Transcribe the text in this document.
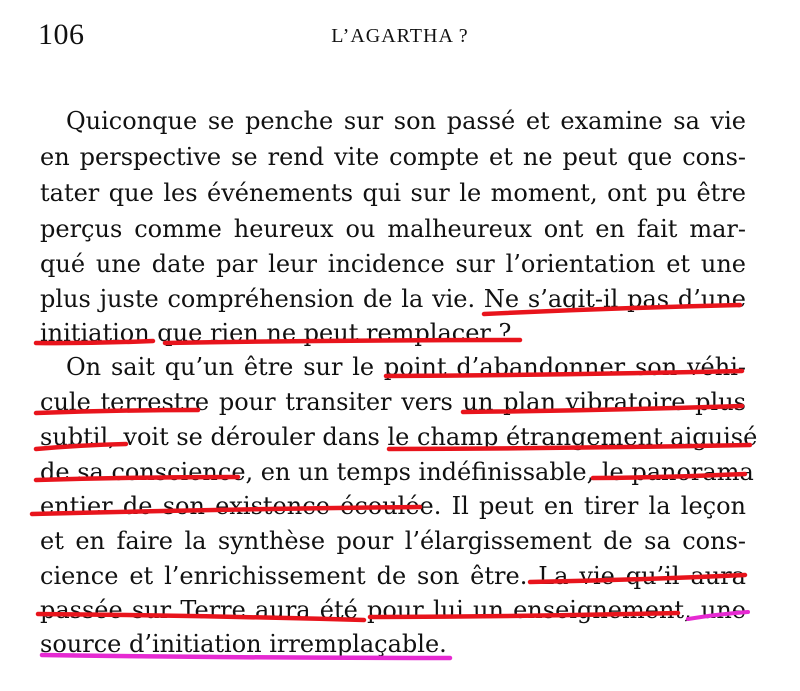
106	L’AGARTHA ?
Quiconque se penche sur son passé et examine sa vie
en perspective se rend vite compte et ne peut que cons-
tater que les événements qui sur le moment, ont pu être
perçus comme heureux ou malheureux ont en fait mar-
qué une date par leur incidence sur l’orientation et une
plus juste compréhension de la vie. Ne s’agit-il pas d’une
initiation que rien ne peut remplacer ?
On sait qu’un être sur le point d’abandonner son véhi-
cule terrestre pour transiter vers un plan vibratoire plus
subtil, voit se dérouler dans le champ étrangement aiguisé
de sa conscience, en un temps indéfinissable, le panorama
entier de son existence écoulée. Il peut en tirer la leçon
et en faire la synthèse pour l’élargissement de sa cons-
cience et l’enrichissement de son être. La vie qu’il aura
passée sur Terre aura été pour lui un enseignement, une
source d’initiation irremplaçable.
